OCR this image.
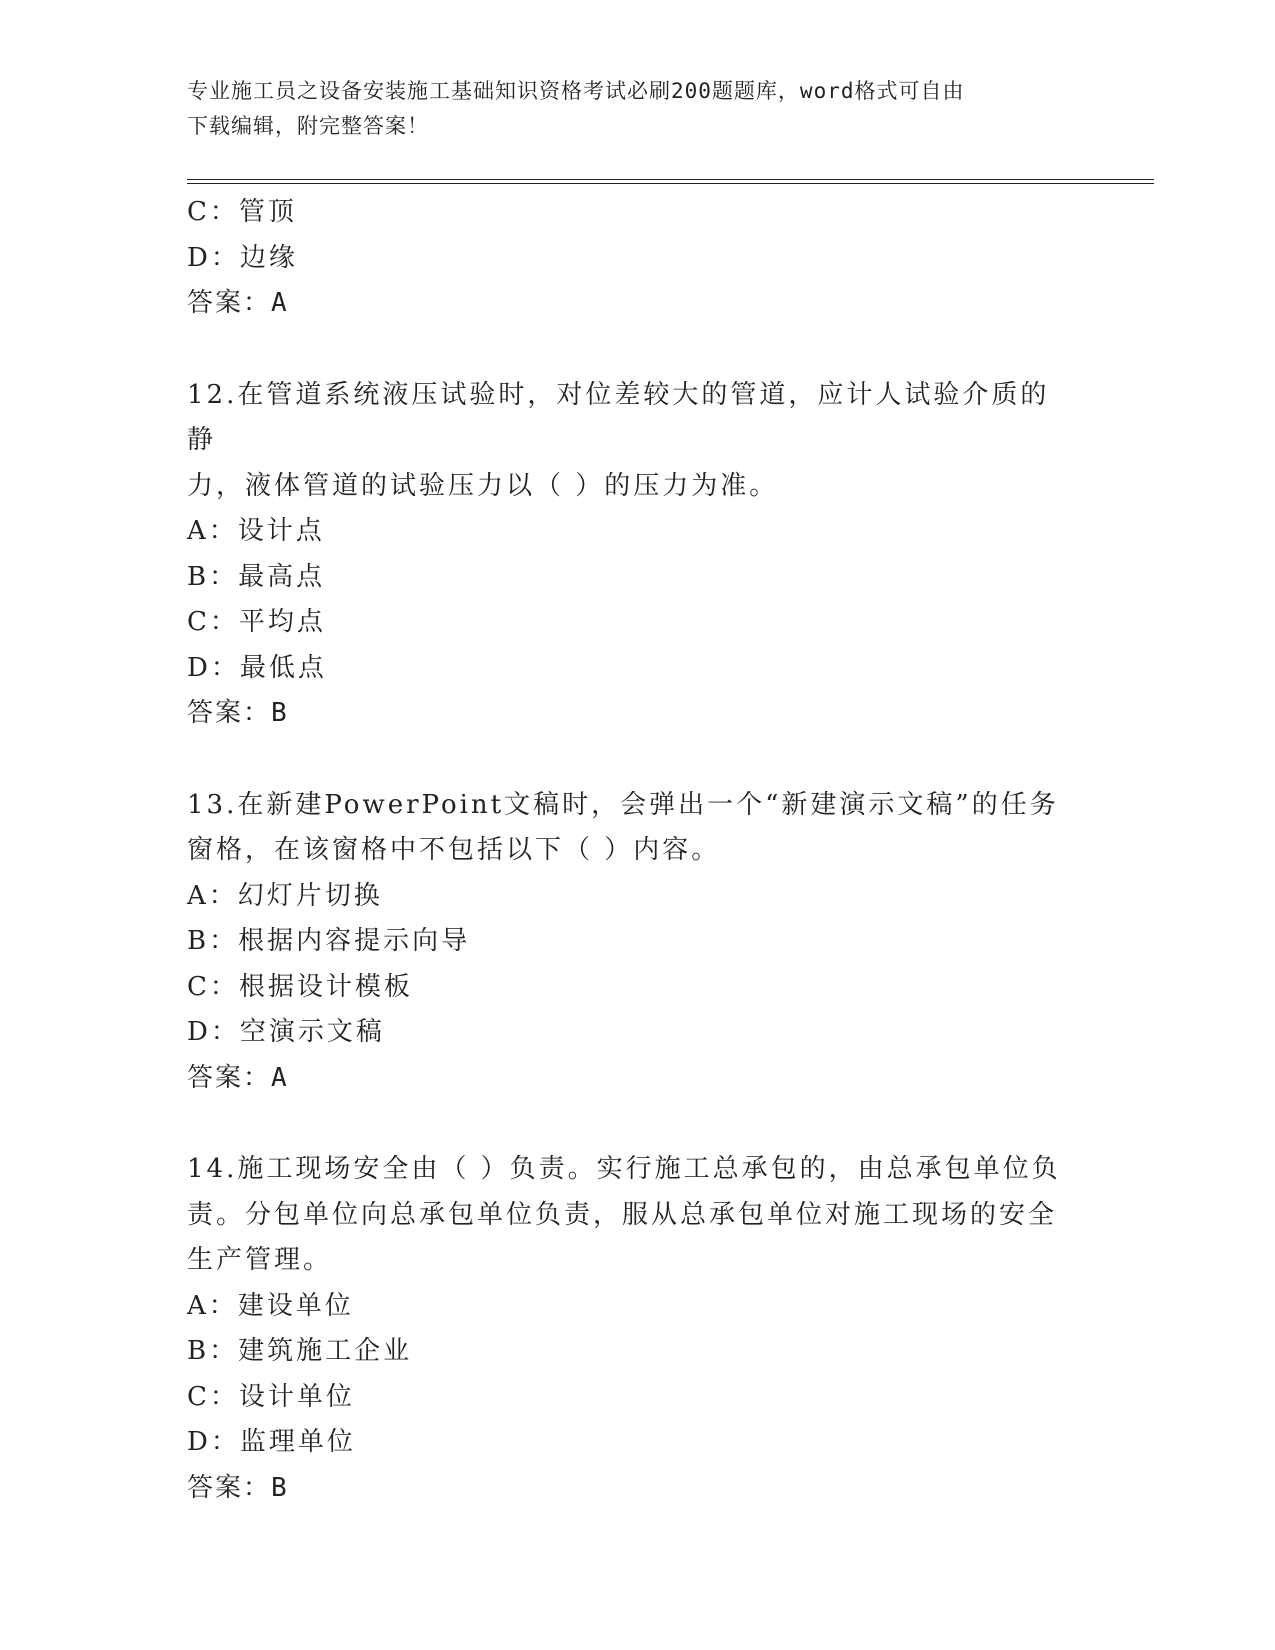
专业施工员之设备安装施工基础知识资格考试必刷200题题库，word格式可自由
下载编辑，附完整答案！
C：管顶
D：边缘
答案：A
12.在管道系统液压试验时，对位差较大的管道，应计人试验介质的静
力，液体管道的试验压力以（ ）的压力为准。
A：设计点
B：最高点
C：平均点
D：最低点
答案：B
13.在新建PowerPoint文稿时，会弹出一个“新建演示文稿”的任务
窗格，在该窗格中不包括以下（ ）内容。
A：幻灯片切换
B：根据内容提示向导
C：根据设计模板
D：空演示文稿
答案：A
14.施工现场安全由（ ）负责。实行施工总承包的，由总承包单位负
责。分包单位向总承包单位负责，服从总承包单位对施工现场的安全
生产管理。
A：建设单位
B：建筑施工企业
C：设计单位
D：监理单位
答案：B
